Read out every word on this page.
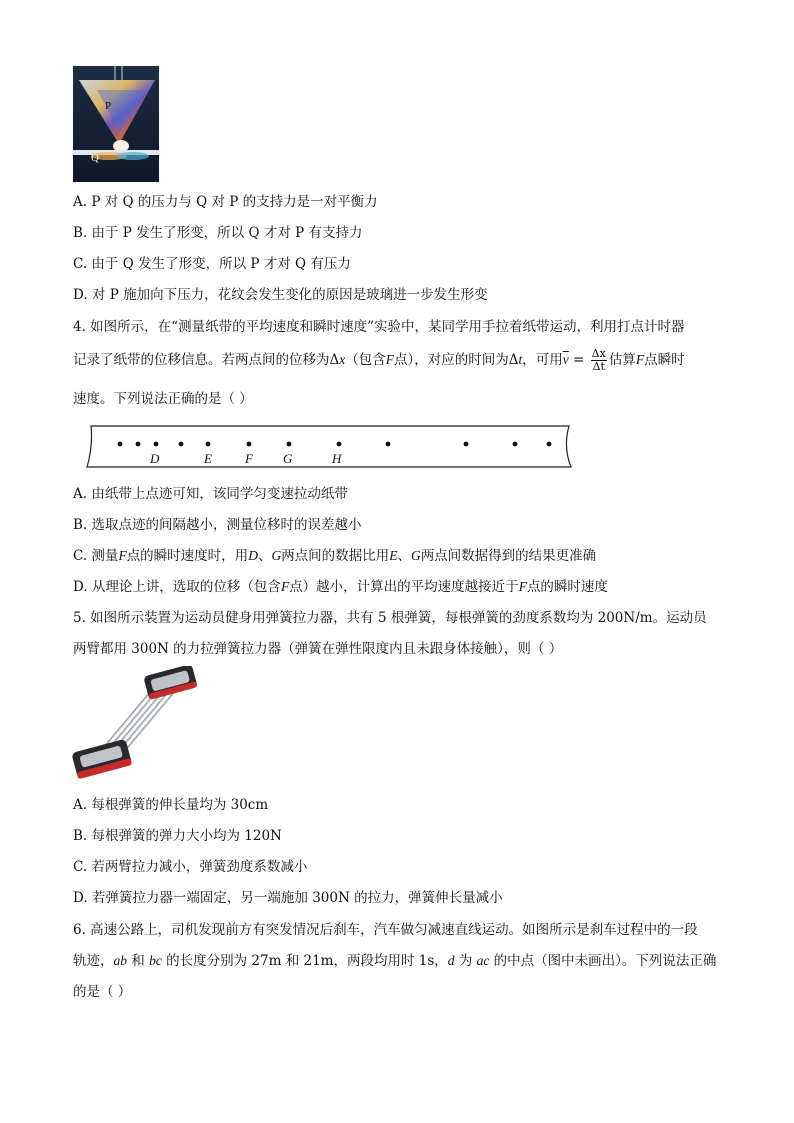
P
Q
A. P 对 Q 的压力与 Q 对 P 的支持力是一对平衡力
B. 由于 P 发生了形变，所以 Q 才对 P 有支持力
C. 由于 Q 发生了形变，所以 P 才对 Q 有压力
D. 对 P 施加向下压力，花纹会发生变化的原因是玻璃进一步发生形变
4. 如图所示，在“测量纸带的平均速度和瞬时速度”实验中，某同学用手拉着纸带运动，利用打点计时器
记录了纸带的位移信息。若两点间的位移为Δx（包含F点），对应的时间为Δt，可用$\overline{v} = \frac{\Delta x}{\Delta t}$ 估算F点瞬时
速度。下列说法正确的是（ ）
D	E	F G	H
A. 由纸带上点迹可知，该同学匀变速拉动纸带
B. 选取点迹的间隔越小，测量位移时的误差越小
C. 测量F点的瞬时速度时，用D、G两点间的数据比用E、G两点间数据得到的结果更准确
D. 从理论上讲，选取的位移（包含F点）越小，计算出的平均速度越接近于F点的瞬时速度
5. 如图所示装置为运动员健身用弹簧拉力器，共有 5 根弹簧，每根弹簧的劲度系数均为 200N/m。运动员
两臂都用 300N 的力拉弹簧拉力器（弹簧在弹性限度内且未跟身体接触），则（ ）
A. 每根弹簧的伸长量均为 30cm
B. 每根弹簧的弹力大小均为 120N
C. 若两臂拉力减小，弹簧劲度系数减小
D. 若弹簧拉力器一端固定，另一端施加 300N 的拉力，弹簧伸长量减小
6. 高速公路上，司机发现前方有突发情况后刹车，汽车做匀减速直线运动。如图所示是刹车过程中的一段
轨迹，ab 和 bc 的长度分别为 27m 和 21m，两段均用时 1s，d 为 ac 的中点（图中未画出）。下列说法正确
的是（ ）
